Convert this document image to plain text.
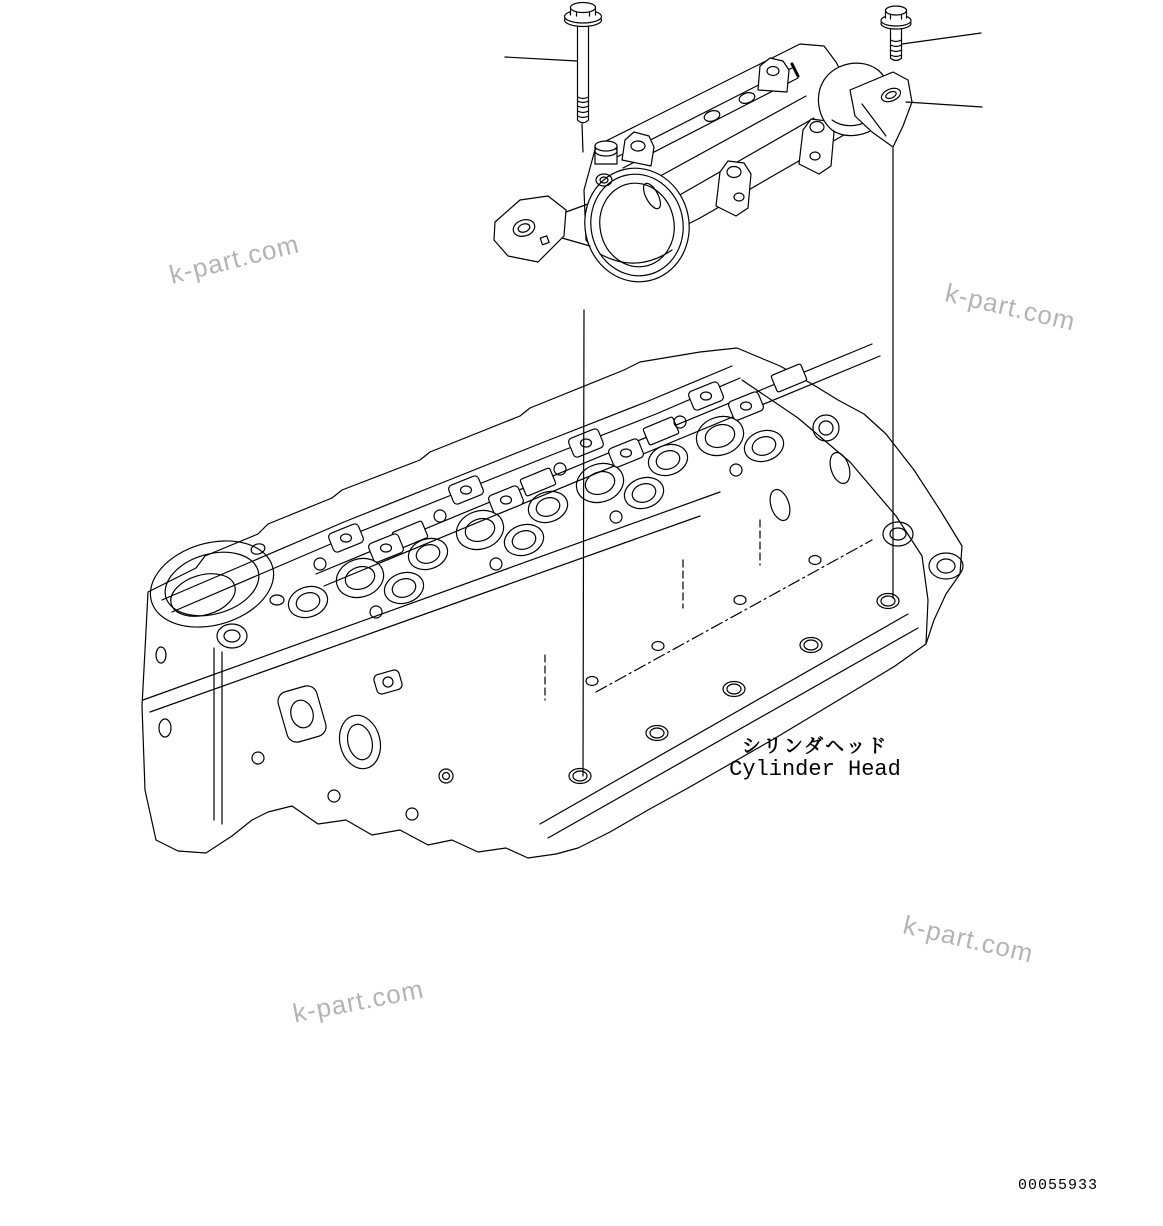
k-part.com
k-part.com
k-part.com
k-part.com
シリンダヘッド
Cylinder Head
00055933
